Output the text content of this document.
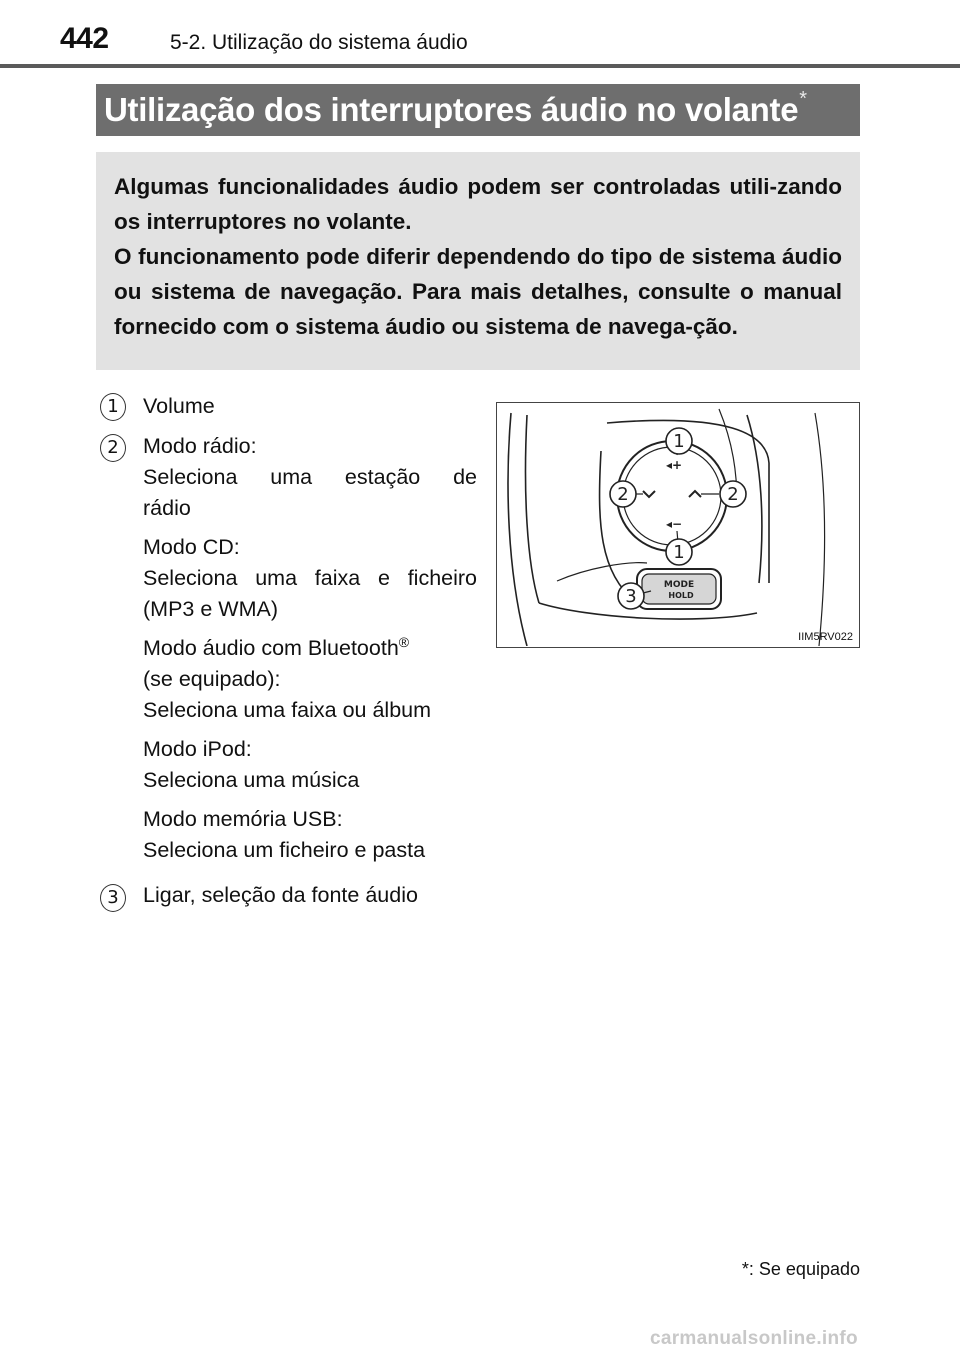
442	5-2. Utilização do sistema áudio
Utilização dos interruptores áudio no volante *

Algumas funcionalidades áudio podem ser controladas utili-zando os interruptores no volante.

O funcionamento pode diferir dependendo do tipo de sistema áudio ou sistema de navegação. Para mais detalhes, consulte o manual fornecido com o sistema áudio ou sistema de navega-ção.

1	Volume

2	Modo rádio:

Seleciona uma estação de
rádio

Modo CD:

Seleciona uma faixa e ficheiro (MP3 e WMA)

Modo áudio com Bluetooth®
(se equipado):
Seleciona uma faixa ou álbum

Modo iPod:
Seleciona uma música

Modo memória USB:
Seleciona um ficheiro e pasta

3	Ligar, seleção da fonte áudio

1
1
2	2
3
◂+
◂−
MODE
HOLD
IIM5RV022
*: Se equipado
carmanualsonline.info
